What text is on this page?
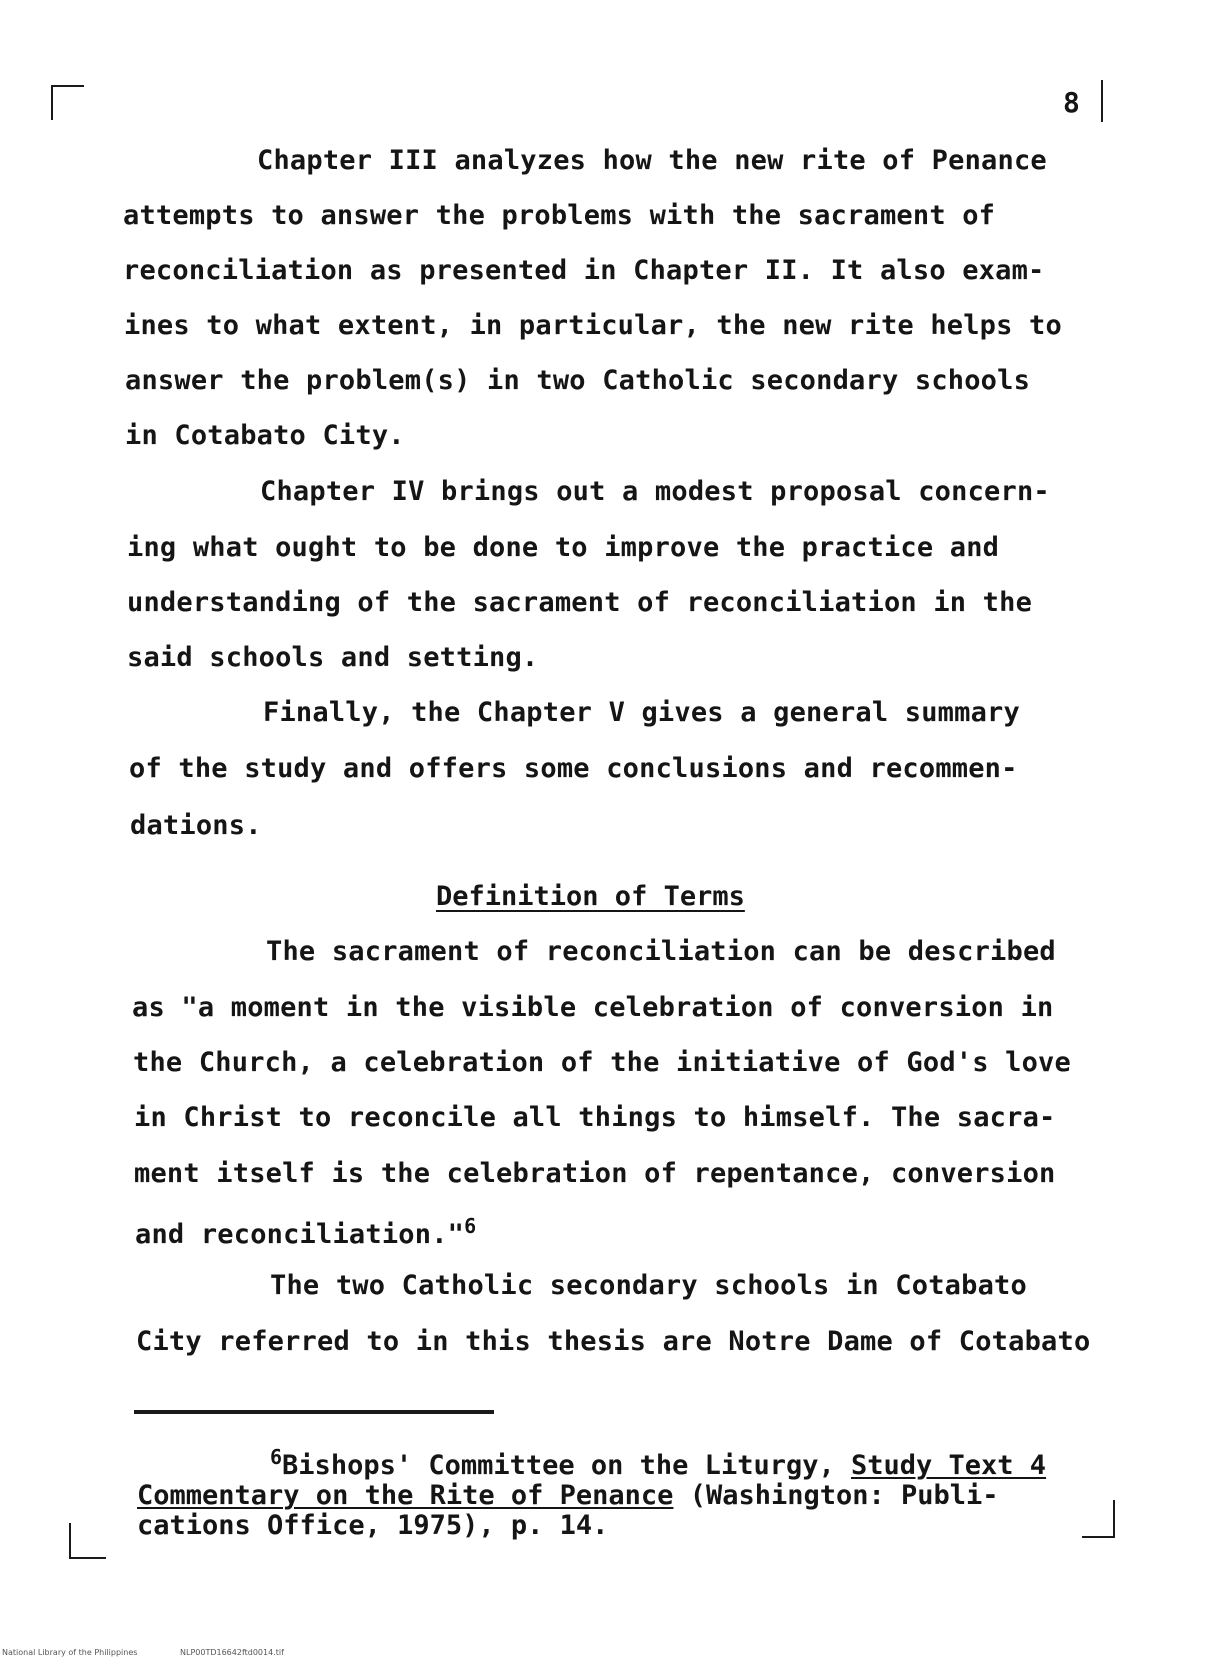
8
Chapter III analyzes how the new rite of Penance
attempts to answer the problems with the sacrament of
reconciliation as presented in Chapter II. It also exam-
ines to what extent, in particular, the new rite helps to
answer the problem(s) in two Catholic secondary schools
in Cotabato City.
Chapter IV brings out a modest proposal concern-
ing what ought to be done to improve the practice and
understanding of the sacrament of reconciliation in the
said schools and setting.
Finally, the Chapter V gives a general summary
of the study and offers some conclusions and recommen-
dations.
Definition of Terms
The sacrament of reconciliation can be described
as "a moment in the visible celebration of conversion in
the Church, a celebration of the initiative of God's love
in Christ to reconcile all things to himself. The sacra-
ment itself is the celebration of repentance, conversion
and reconciliation."$^6$
The two Catholic secondary schools in Cotabato
City referred to in this thesis are Notre Dame of Cotabato
$^6$Bishops' Committee on the Liturgy, Study Text 4
Commentary on the Rite of Penance (Washington: Publi-
cations Office, 1975), p. 14.
National Library of the Philippines	NLP00TD16642ftd0014.tif
